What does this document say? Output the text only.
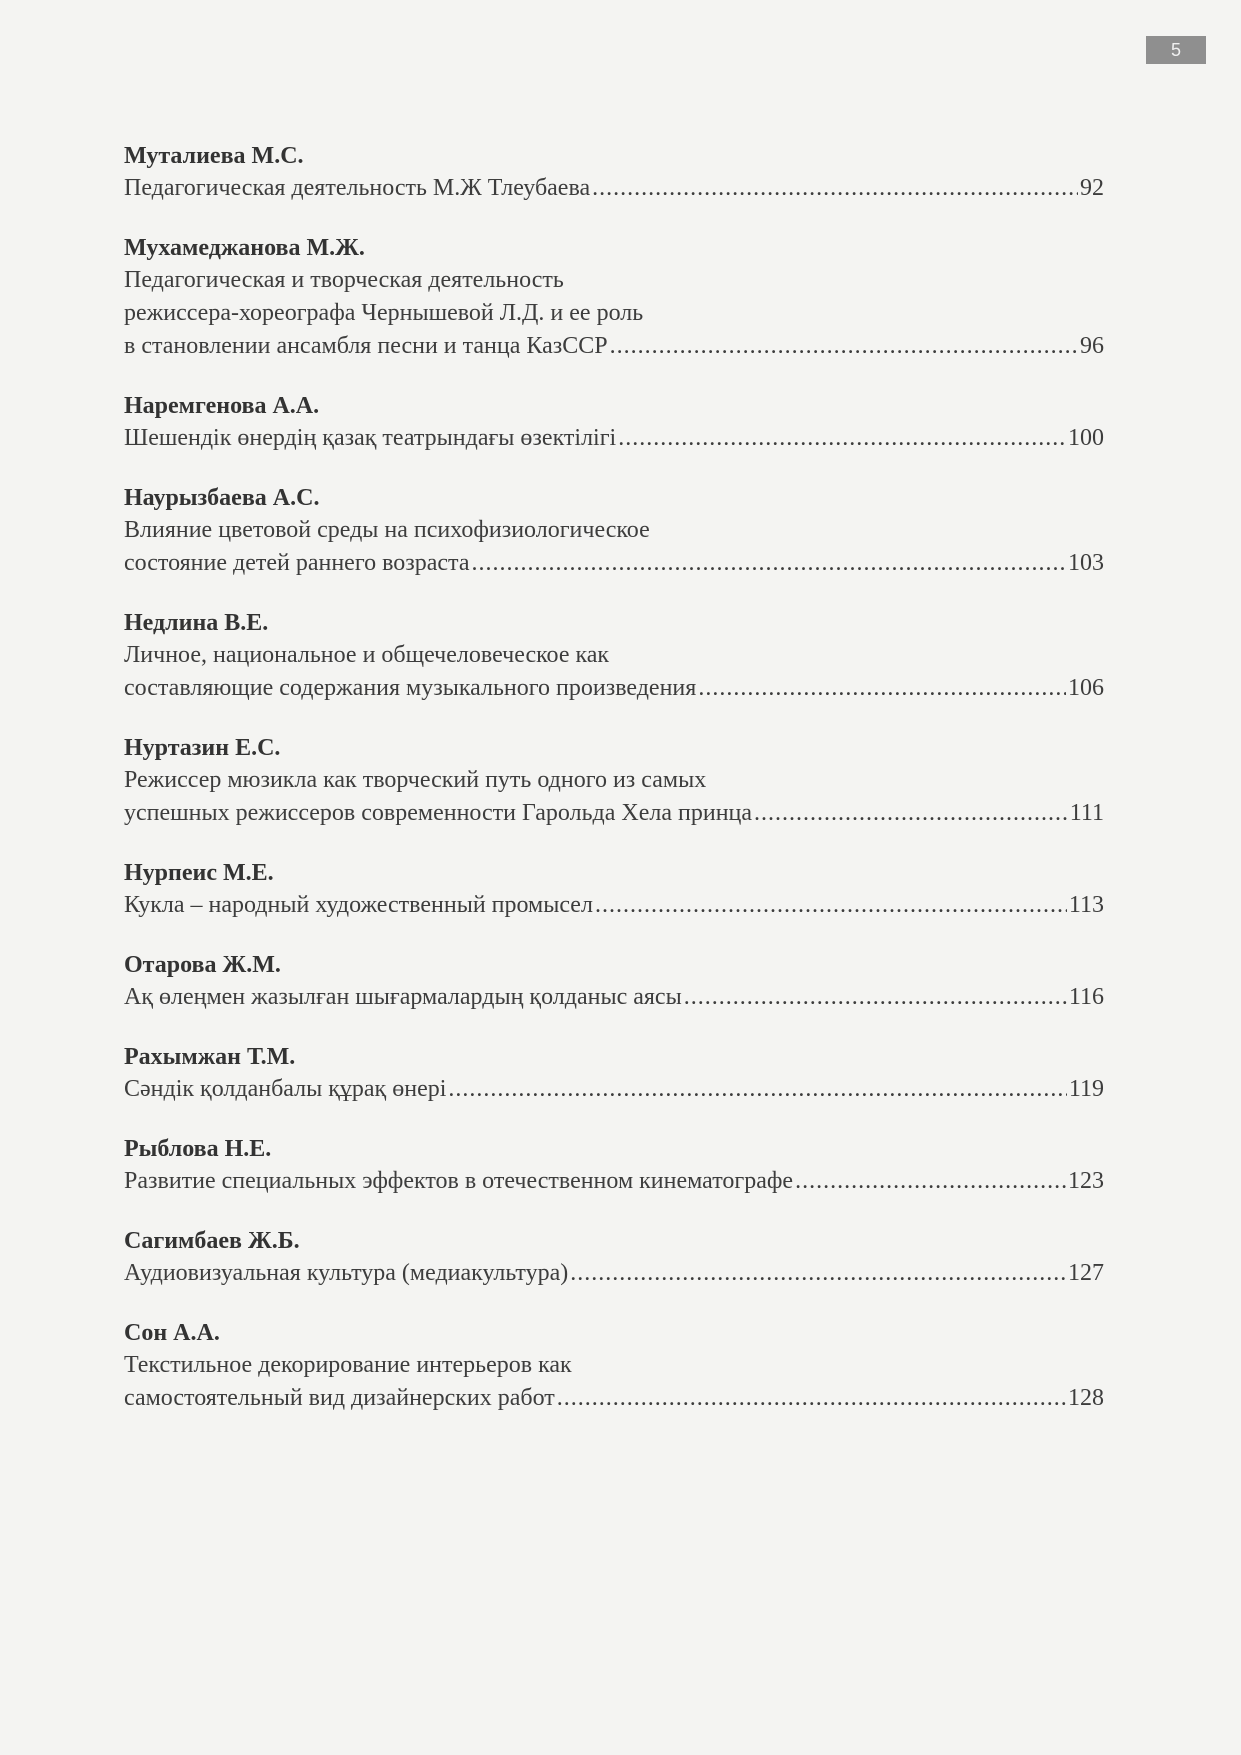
5
Муталиева М.С.
Педагогическая деятельность М.Ж Тлеубаева .....	92
Мухамеджанова М.Ж.
Педагогическая и творческая деятельность
режиссера-хореографа Чернышевой Л.Д. и ее роль
в становлении ансамбля песни и танца КазССР .....	96
Наремгенова А.А.
Шешендік өнердің қазақ театрындағы өзектілігі .....	100
Наурызбаева А.С.
Влияние цветовой среды на психофизиологическое
состояние детей раннего возраста .....	103
Недлина В.Е.
Личное, национальное и общечеловеческое как
составляющие содержания музыкального произведения .....	106
Нуртазин Е.С.
Режиссер мюзикла как творческий путь одного из самых
успешных режиссеров современности Гарольда Хела принца .....	111
Нурпеис М.Е.
Кукла – народный художественный промысел .....	113
Отарова Ж.М.
Ақ өлеңмен жазылған шығармалардың қолданыс аясы .....	116
Рахымжан Т.М.
Сәндік қолданбалы құрақ өнері .....	119
Рыблова Н.Е.
Развитие специальных эффектов в отечественном кинематографе .....	123
Сагимбаев Ж.Б.
Аудиовизуальная культура (медиакультура) .....	127
Сон А.А.
Текстильное декорирование интерьеров как
самостоятельный вид дизайнерских работ .....	128
